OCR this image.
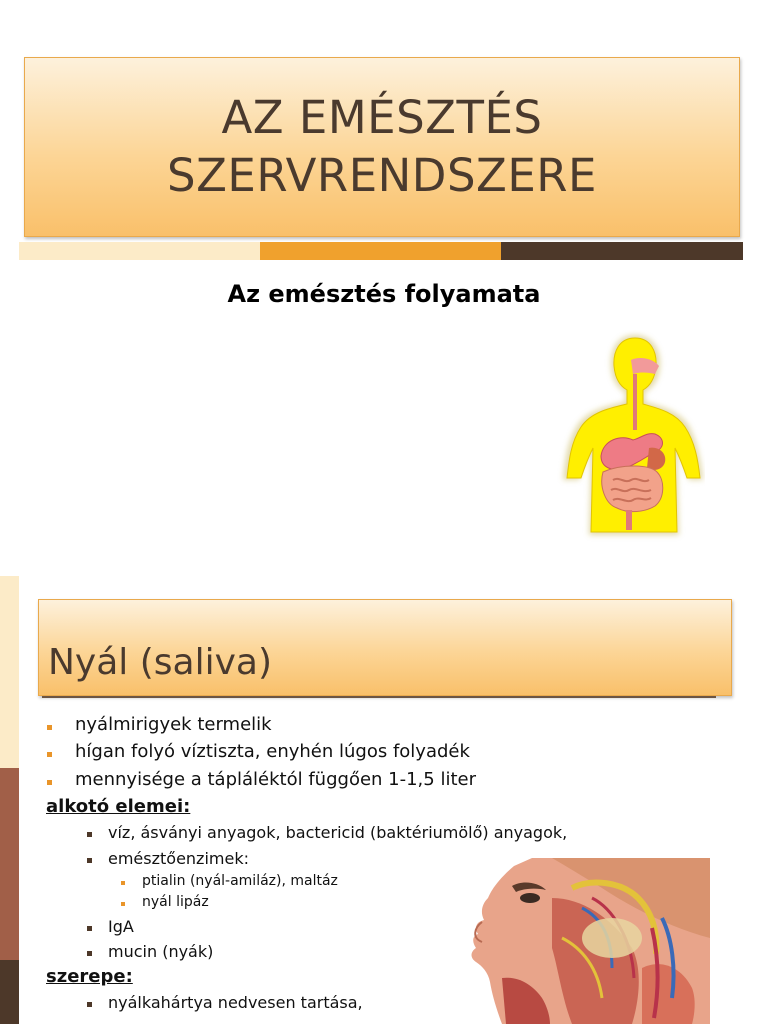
AZ EMÉSZTÉS
SZERVRENDSZERE
Az emésztés folyamata
Nyál (saliva)
nyálmirigyek termelik
hígan folyó víztiszta, enyhén lúgos folyadék
mennyisége a tápláléktól függően 1-1,5 liter
alkotó elemei:
víz, ásványi anyagok, bactericid (baktériumölő) anyagok,
emésztőenzimek:
ptialin (nyál-amiláz), maltáz
nyál lipáz
IgA
mucin (nyák)
szerepe:
nyálkahártya nedvesen tartása,
